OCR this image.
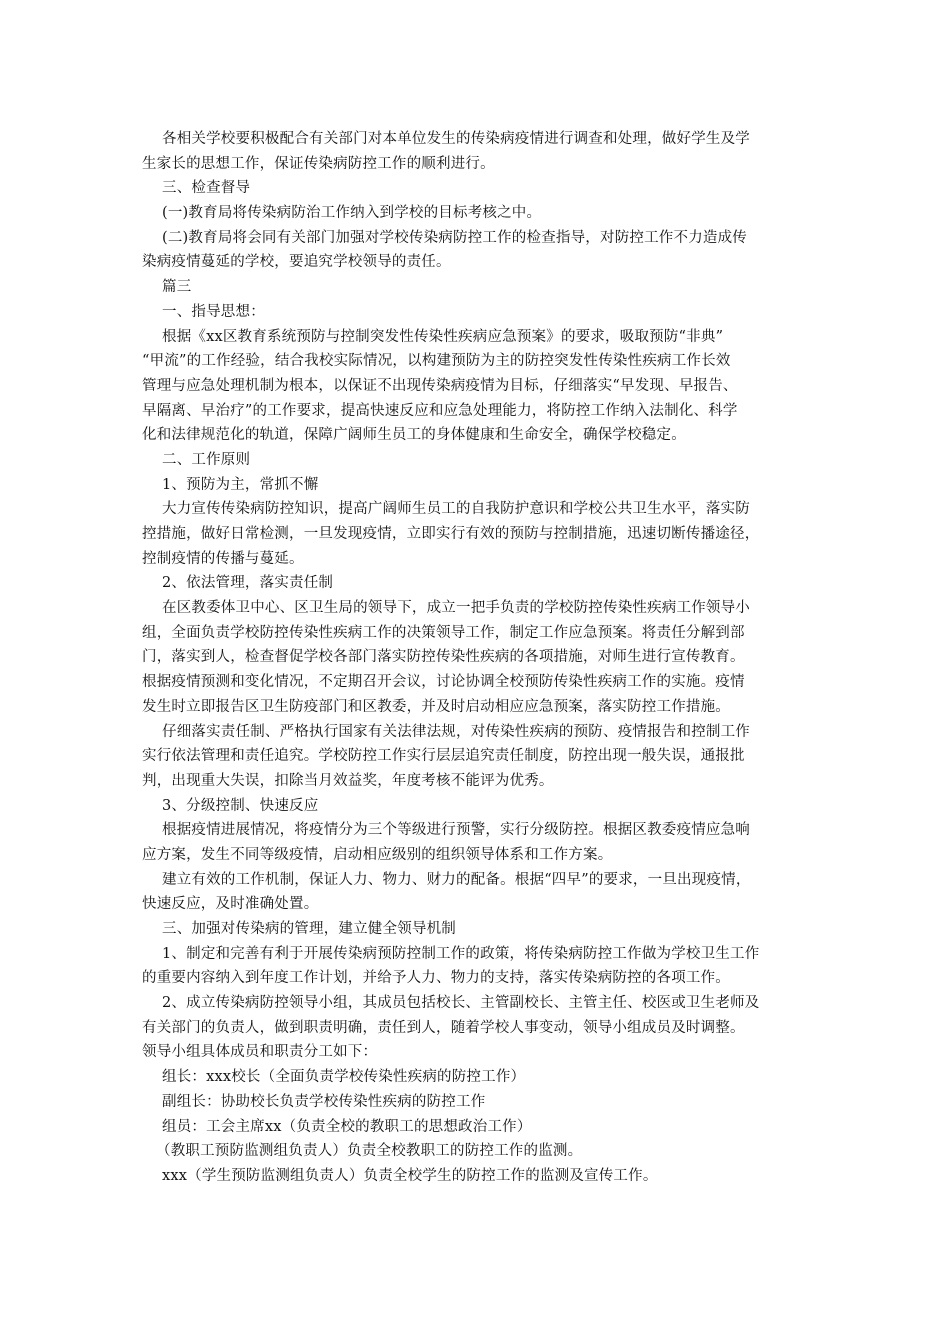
各相关学校要积极配合有关部门对本单位发生的传染病疫情进行调查和处理，做好学生及学
生家长的思想工作，保证传染病防控工作的顺利进行。
三、检查督导
(一)教育局将传染病防治工作纳入到学校的目标考核之中。
(二)教育局将会同有关部门加强对学校传染病防控工作的检查指导，对防控工作不力造成传
染病疫情蔓延的学校，要追究学校领导的责任。
篇三
一、指导思想：
根据《xx区教育系统预防与控制突发性传染性疾病应急预案》的要求，吸取预防“非典”
“甲流”的工作经验，结合我校实际情况，以构建预防为主的防控突发性传染性疾病工作长效
管理与应急处理机制为根本，以保证不出现传染病疫情为目标，仔细落实“早发现、早报告、
早隔离、早治疗”的工作要求，提高快速反应和应急处理能力，将防控工作纳入法制化、科学
化和法律规范化的轨道，保障广阔师生员工的身体健康和生命安全，确保学校稳定。
二、工作原则
1、预防为主，常抓不懈
大力宣传传染病防控知识，提高广阔师生员工的自我防护意识和学校公共卫生水平，落实防
控措施，做好日常检测，一旦发现疫情，立即实行有效的预防与控制措施，迅速切断传播途径，
控制疫情的传播与蔓延。
2、依法管理，落实责任制
在区教委体卫中心、区卫生局的领导下，成立一把手负责的学校防控传染性疾病工作领导小
组，全面负责学校防控传染性疾病工作的决策领导工作，制定工作应急预案。将责任分解到部
门，落实到人，检查督促学校各部门落实防控传染性疾病的各项措施，对师生进行宣传教育。
根据疫情预测和变化情况，不定期召开会议，讨论协调全校预防传染性疾病工作的实施。疫情
发生时立即报告区卫生防疫部门和区教委，并及时启动相应应急预案，落实防控工作措施。
仔细落实责任制、严格执行国家有关法律法规，对传染性疾病的预防、疫情报告和控制工作
实行依法管理和责任追究。学校防控工作实行层层追究责任制度，防控出现一般失误，通报批
判，出现重大失误，扣除当月效益奖，年度考核不能评为优秀。
3、分级控制、快速反应
根据疫情进展情况，将疫情分为三个等级进行预警，实行分级防控。根据区教委疫情应急响
应方案，发生不同等级疫情，启动相应级别的组织领导体系和工作方案。
建立有效的工作机制，保证人力、物力、财力的配备。根据“四早”的要求，一旦出现疫情，
快速反应，及时准确处置。
三、加强对传染病的管理，建立健全领导机制
1、制定和完善有利于开展传染病预防控制工作的政策，将传染病防控工作做为学校卫生工作
的重要内容纳入到年度工作计划，并给予人力、物力的支持，落实传染病防控的各项工作。
2、成立传染病防控领导小组，其成员包括校长、主管副校长、主管主任、校医或卫生老师及
有关部门的负责人，做到职责明确，责任到人，随着学校人事变动，领导小组成员及时调整。
领导小组具体成员和职责分工如下：
组长：xxx校长（全面负责学校传染性疾病的防控工作）
副组长：协助校长负责学校传染性疾病的防控工作
组员：工会主席xx（负责全校的教职工的思想政治工作）
（教职工预防监测组负责人）负责全校教职工的防控工作的监测。
xxx（学生预防监测组负责人）负责全校学生的防控工作的监测及宣传工作。
